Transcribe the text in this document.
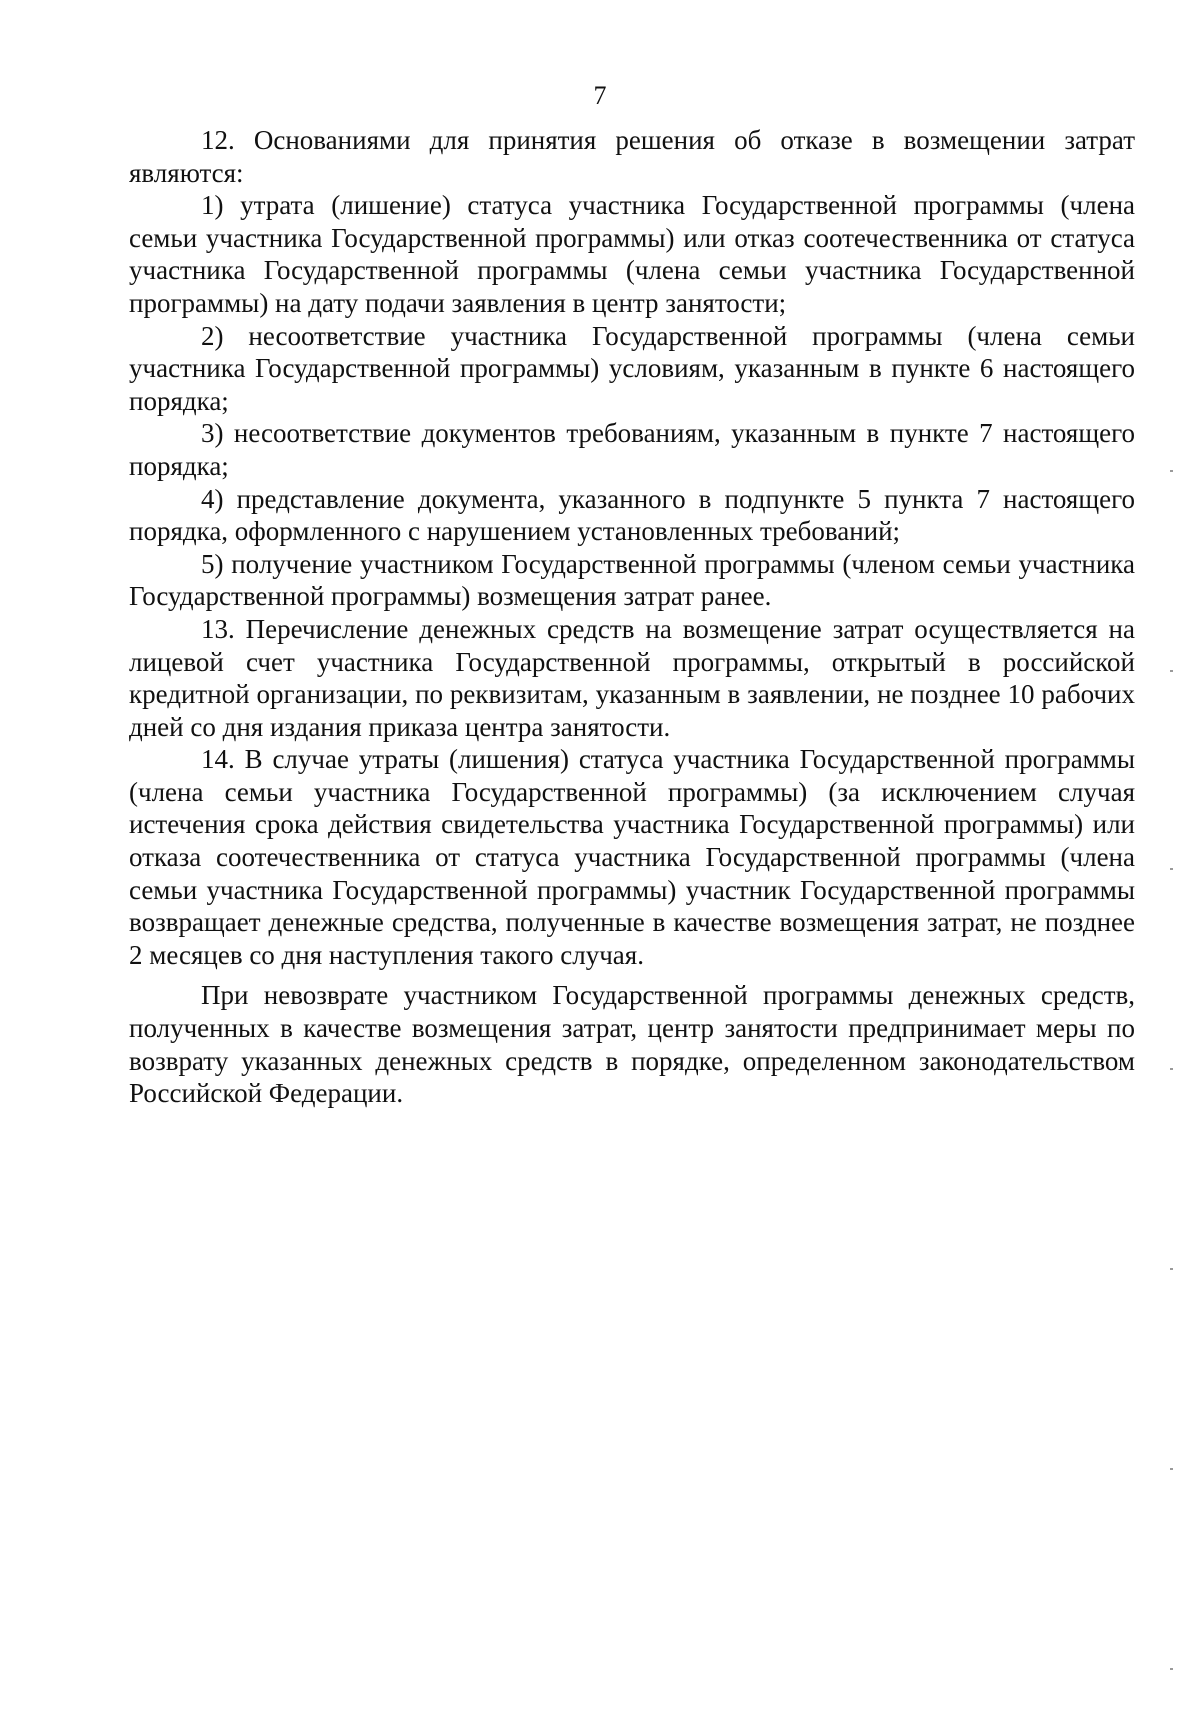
7

12. Основаниями для принятия решения об отказе в возмещении затрат являются:

1) утрата (лишение) статуса участника Государственной программы (члена семьи участника Государственной программы) или отказ соотечественника от статуса участника Государственной программы (члена семьи участника Государственной программы) на дату подачи заявления в центр занятости;

2) несоответствие участника Государственной программы (члена семьи участника Государственной программы) условиям, указанным в пункте 6 настоящего порядка;

3) несоответствие документов требованиям, указанным в пункте 7 настоящего порядка;

4) представление документа, указанного в подпункте 5 пункта 7 настоящего порядка, оформленного с нарушением установленных требований;

5) получение участником Государственной программы (членом семьи участника Государственной программы) возмещения затрат ранее.

13. Перечисление денежных средств на возмещение затрат осуществляется на лицевой счет участника Государственной программы, открытый в российской кредитной организации, по реквизитам, указанным в заявлении, не позднее 10 рабочих дней со дня издания приказа центра занятости.

14. В случае утраты (лишения) статуса участника Государственной программы (члена семьи участника Государственной программы) (за исключением случая истечения срока действия свидетельства участника Государственной программы) или отказа соотечественника от статуса участника Государственной программы (члена семьи участника Государственной программы) участник Государственной программы возвращает денежные средства, полученные в качестве возмещения затрат, не позднее 2 месяцев со дня наступления такого случая.

При невозврате участником Государственной программы денежных средств, полученных в качестве возмещения затрат, центр занятости предпринимает меры по возврату указанных денежных средств в порядке, определенном законодательством Российской Федерации.
